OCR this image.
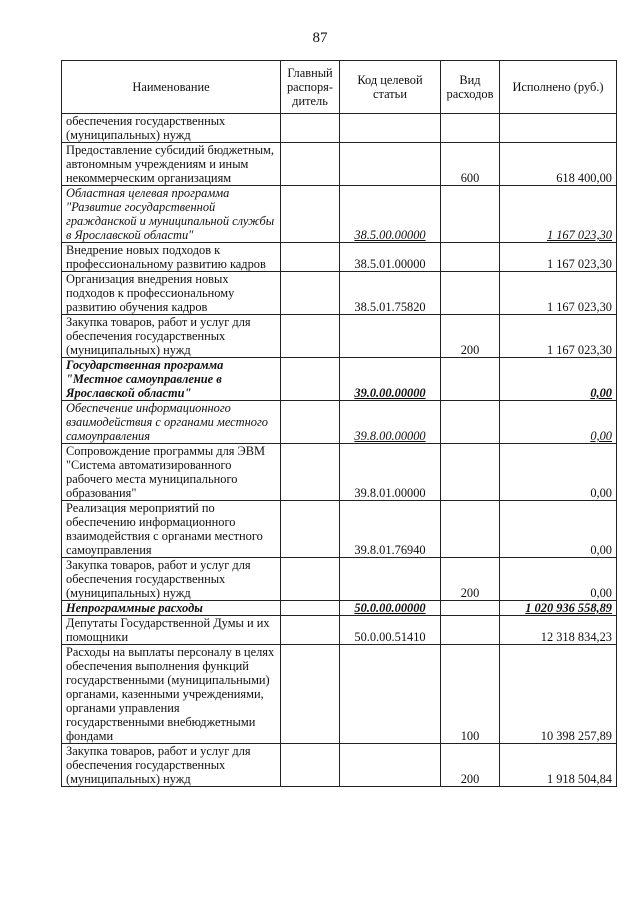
87
Наименование	Главный распоря-дитель	Код целевой статьи	Вид расходов	Исполнено (руб.)
обеспечения государственных (муниципальных) нужд				
Предоставление субсидий бюджетным, автономным учреждениям и иным некоммерческим организациям			600	618 400,00
Областная целевая программа "Развитие государственной гражданской и муниципальной службы в Ярославской области"		38.5.00.00000		1 167 023,30
Внедрение новых подходов к профессиональному развитию кадров		38.5.01.00000		1 167 023,30
Организация внедрения новых подходов к профессиональному развитию обучения кадров		38.5.01.75820		1 167 023,30
Закупка товаров, работ и услуг для обеспечения государственных (муниципальных) нужд			200	1 167 023,30
Государственная программа "Местное самоуправление в Ярославской области"		39.0.00.00000		0,00
Обеспечение информационного взаимодействия с органами местного самоуправления		39.8.00.00000		0,00
Сопровождение программы для ЭВМ "Система автоматизированного рабочего места муниципального образования"		39.8.01.00000		0,00
Реализация мероприятий по обеспечению информационного взаимодействия с органами местного самоуправления		39.8.01.76940		0,00
Закупка товаров, работ и услуг для обеспечения государственных (муниципальных) нужд			200	0,00
Непрограммные расходы		50.0.00.00000		1 020 936 558,89
Депутаты Государственной Думы и их помощники		50.0.00.51410		12 318 834,23
Расходы на выплаты персоналу в целях обеспечения выполнения функций государственными (муниципальными) органами, казенными учреждениями, органами управления государственными внебюджетными фондами			100	10 398 257,89
Закупка товаров, работ и услуг для обеспечения государственных (муниципальных) нужд			200	1 918 504,84
